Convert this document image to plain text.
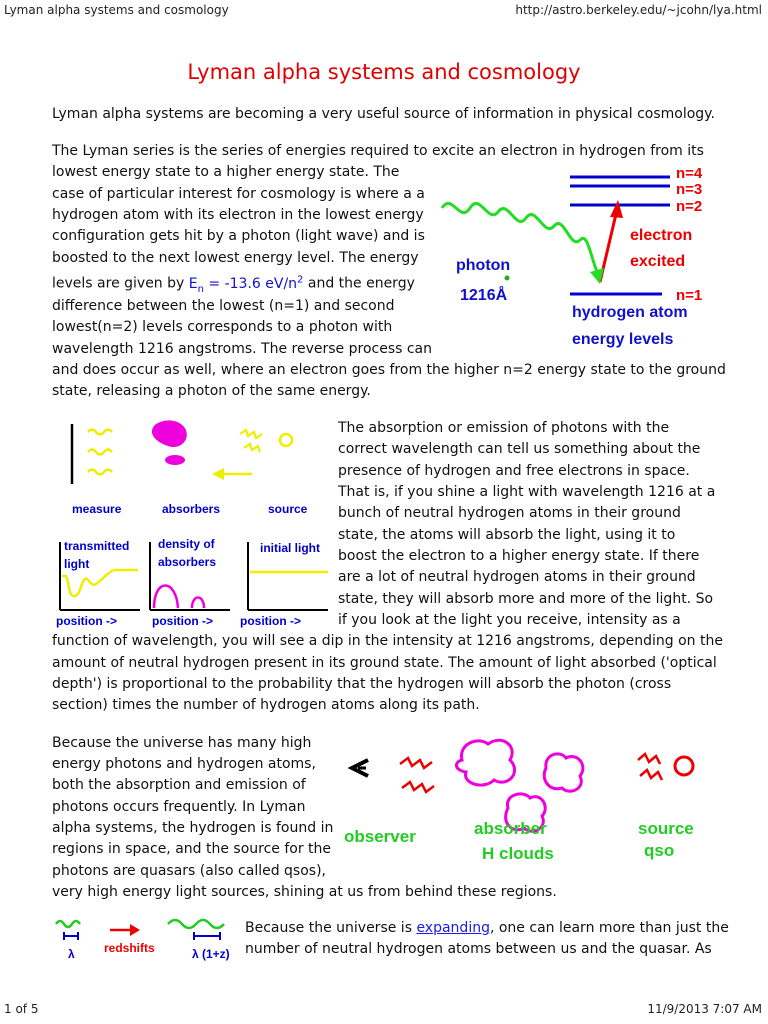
Lyman alpha systems and cosmology	http://astro.berkeley.edu/~jcohn/lya.html
1 of 5	11/9/2013 7:07 AM
Lyman alpha systems and cosmology

Lyman alpha systems are becoming a very useful source of information in physical cosmology.

The Lyman series is the series of energies required to excite an electron in hydrogen from its

lowest energy state to a higher energy state. The

case of particular interest for cosmology is where a a

hydrogen atom with its electron in the lowest energy

configuration gets hit by a photon (light wave) and is

boosted to the next lowest energy level. The energy

levels are given by $E_n = -13.6$ $eV/n^2$ and the energy

difference between the lowest (n=1) and second

lowest(n=2) levels corresponds to a photon with

wavelength 1216 angstroms. The reverse process can

and does occur as well, where an electron goes from the higher n=2 energy state to the ground

state, releasing a photon of the same energy.

n=4
n=3
n=2
n=1
electron
excited
photon
1216Å
hydrogen atom
energy levels
measure	absorbers	source
transmitted
light
density of
absorbers
initial light
position ->	position -> position ->

The absorption or emission of photons with the

correct wavelength can tell us something about the

presence of hydrogen and free electrons in space.

That is, if you shine a light with wavelength 1216 at a

bunch of neutral hydrogen atoms in their ground

state, the atoms will absorb the light, using it to

boost the electron to a higher energy state. If there

are a lot of neutral hydrogen atoms in their ground

state, they will absorb more and more of the light. So

if you look at the light you receive, intensity as a

function of wavelength, you will see a dip in the intensity at 1216 angstroms, depending on the

amount of neutral hydrogen present in its ground state. The amount of light absorbed ('optical

depth') is proportional to the probability that the hydrogen will absorb the photon (cross

section) times the number of hydrogen atoms along its path.

Because the universe has many high

energy photons and hydrogen atoms,

both the absorption and emission of

photons occurs frequently. In Lyman

alpha systems, the hydrogen is found in

regions in space, and the source for the

photons are quasars (also called qsos),

very high energy light sources, shining at us from behind these regions.

observer	absorber
H clouds
source
qso
λ redshifts	λ (1+z)

Because the universe is expanding, one can learn more than just the

number of neutral hydrogen atoms between us and the quasar. As
